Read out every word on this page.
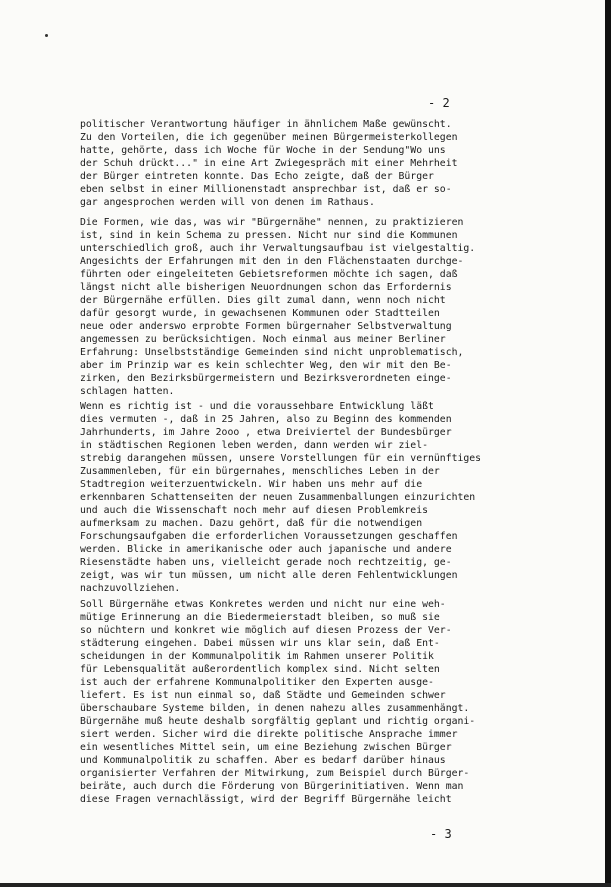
- 2
politischer Verantwortung häufiger in ähnlichem Maße gewünscht.
Zu den Vorteilen, die ich gegenüber meinen Bürgermeisterkollegen
hatte, gehörte, dass ich Woche für Woche in der Sendung"Wo uns
der Schuh drückt..." in eine Art Zwiegespräch mit einer Mehrheit
der Bürger eintreten konnte. Das Echo zeigte, daß der Bürger
eben selbst in einer Millionenstadt ansprechbar ist, daß er so-
gar angesprochen werden will von denen im Rathaus.
Die Formen, wie das, was wir "Bürgernähe" nennen, zu praktizieren
ist, sind in kein Schema zu pressen. Nicht nur sind die Kommunen
unterschiedlich groß, auch ihr Verwaltungsaufbau ist vielgestaltig.
Angesichts der Erfahrungen mit den in den Flächenstaaten durchge-
führten oder eingeleiteten Gebietsreformen möchte ich sagen, daß
längst nicht alle bisherigen Neuordnungen schon das Erfordernis
der Bürgernähe erfüllen. Dies gilt zumal dann, wenn noch nicht
dafür gesorgt wurde, in gewachsenen Kommunen oder Stadtteilen
neue oder anderswo erprobte Formen bürgernaher Selbstverwaltung
angemessen zu berücksichtigen. Noch einmal aus meiner Berliner
Erfahrung: Unselbstständige Gemeinden sind nicht unproblematisch,
aber im Prinzip war es kein schlechter Weg, den wir mit den Be-
zirken, den Bezirksbürgermeistern und Bezirksverordneten einge-
schlagen hatten.
Wenn es richtig ist - und die voraussehbare Entwicklung läßt
dies vermuten -, daß in 25 Jahren, also zu Beginn des kommenden
Jahrhunderts, im Jahre 2ooo , etwa Dreiviertel der Bundesbürger
in städtischen Regionen leben werden, dann werden wir ziel-
strebig darangehen müssen, unsere Vorstellungen für ein vernünftiges
Zusammenleben, für ein bürgernahes, menschliches Leben in der
Stadtregion weiterzuentwickeln. Wir haben uns mehr auf die
erkennbaren Schattenseiten der neuen Zusammenballungen einzurichten
und auch die Wissenschaft noch mehr auf diesen Problemkreis
aufmerksam zu machen. Dazu gehört, daß für die notwendigen
Forschungsaufgaben die erforderlichen Voraussetzungen geschaffen
werden. Blicke in amerikanische oder auch japanische und andere
Riesenstädte haben uns, vielleicht gerade noch rechtzeitig, ge-
zeigt, was wir tun müssen, um nicht alle deren Fehlentwicklungen
nachzuvollziehen.
Soll Bürgernähe etwas Konkretes werden und nicht nur eine weh-
mütige Erinnerung an die Biedermeierstadt bleiben, so muß sie
so nüchtern und konkret wie möglich auf diesen Prozess der Ver-
städterung eingehen. Dabei müssen wir uns klar sein, daß Ent-
scheidungen in der Kommunalpolitik im Rahmen unserer Politik
für Lebensqualität außerordentlich komplex sind. Nicht selten
ist auch der erfahrene Kommunalpolitiker den Experten ausge-
liefert. Es ist nun einmal so, daß Städte und Gemeinden schwer
überschaubare Systeme bilden, in denen nahezu alles zusammenhängt.
Bürgernähe muß heute deshalb sorgfältig geplant und richtig organi-
siert werden. Sicher wird die direkte politische Ansprache immer
ein wesentliches Mittel sein, um eine Beziehung zwischen Bürger
und Kommunalpolitik zu schaffen. Aber es bedarf darüber hinaus
organisierter Verfahren der Mitwirkung, zum Beispiel durch Bürger-
beiräte, auch durch die Förderung von Bürgerinitiativen. Wenn man
diese Fragen vernachlässigt, wird der Begriff Bürgernähe leicht
- 3
